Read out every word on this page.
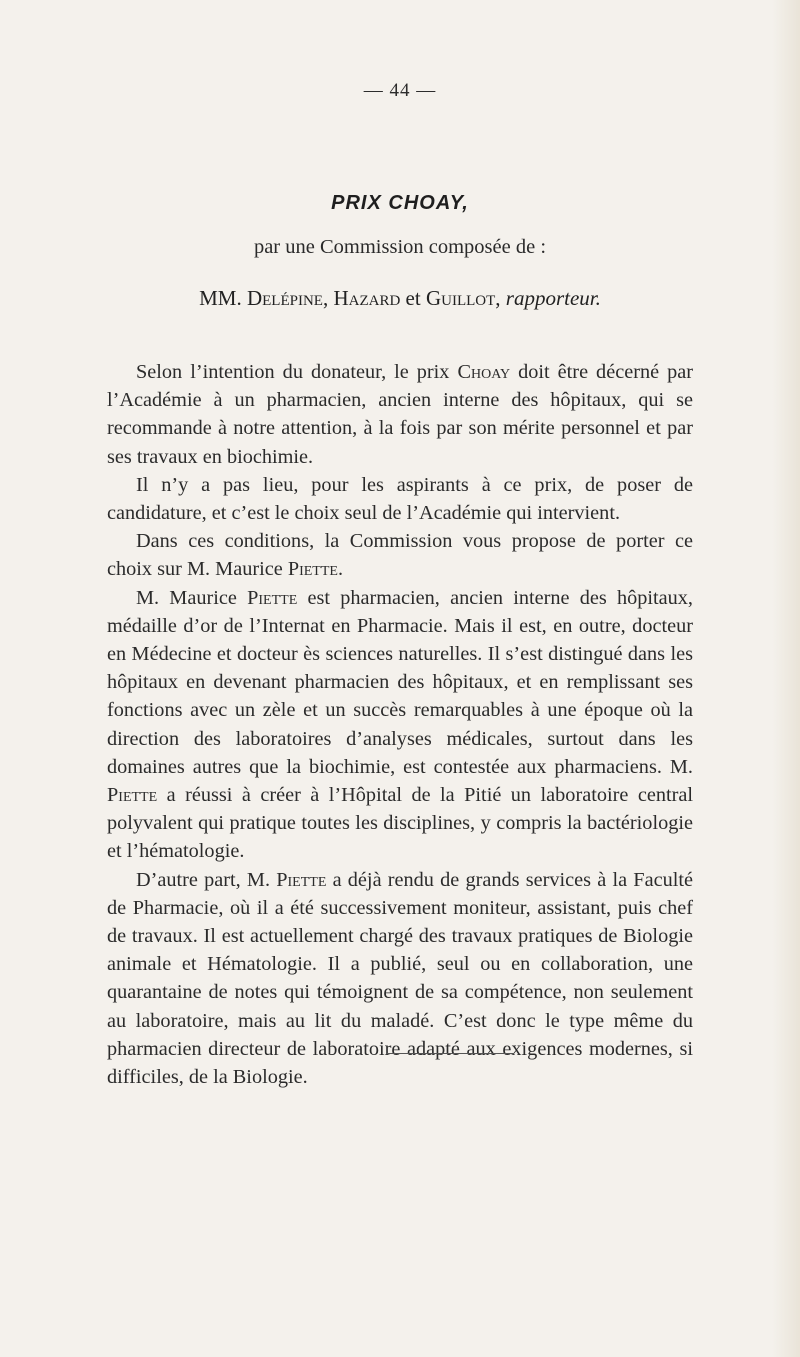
— 44 —
PRIX CHOAY,
par une Commission composée de :
MM. Delépine, Hazard et Guillot, rapporteur.

Selon l’intention du donateur, le prix Choay doit être décerné par l’Académie à un pharmacien, ancien interne des hôpitaux, qui se recommande à notre attention, à la fois par son mérite personnel et par ses travaux en biochimie.

Il n’y a pas lieu, pour les aspirants à ce prix, de poser de candidature, et c’est le choix seul de l’Académie qui intervient.

Dans ces conditions, la Commission vous propose de porter ce choix sur M. Maurice Piette.

M. Maurice Piette est pharmacien, ancien interne des hôpitaux, médaille d’or de l’Internat en Pharmacie. Mais il est, en outre, docteur en Médecine et docteur ès sciences naturelles. Il s’est distingué dans les hôpitaux en devenant pharmacien des hôpitaux, et en remplissant ses fonctions avec un zèle et un succès remarquables à une époque où la direction des laboratoires d’analyses médicales, surtout dans les domaines autres que la biochimie, est contestée aux pharmaciens. M. Piette a réussi à créer à l’Hôpital de la Pitié un laboratoire central polyvalent qui pratique toutes les disciplines, y compris la bactériologie et l’hématologie.

D’autre part, M. Piette a déjà rendu de grands services à la Faculté de Pharmacie, où il a été successivement moniteur, assistant, puis chef de travaux. Il est actuellement chargé des travaux pratiques de Biologie animale et Hématologie. Il a publié, seul ou en collaboration, une quarantaine de notes qui témoignent de sa compétence, non seulement au laboratoire, mais au lit du maladé. C’est donc le type même du pharmacien directeur de laboratoire adapté aux exigences modernes, si difficiles, de la Biologie.
